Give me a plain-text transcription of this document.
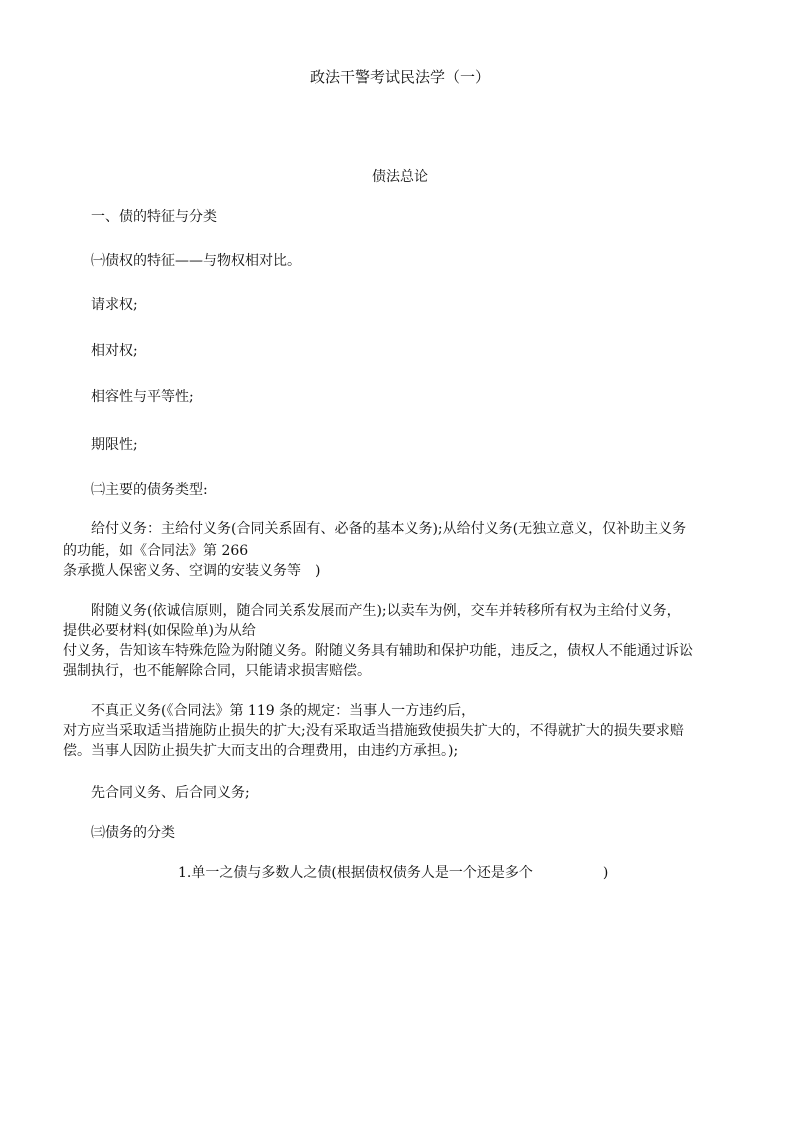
政法干警考试民法学（一）
债法总论
一、债的特征与分类
㈠债权的特征——与物权相对比。
请求权;
相对权;
相容性与平等性;
期限性;
㈡主要的债务类型:
给付义务：主给付义务(合同关系固有、必备的基本义务);从给付义务(无独立意义，仅补助主义务
的功能，如《合同法》第 266
条承揽人保密义务、空调的安装义务等　)
附随义务(依诚信原则，随合同关系发展而产生);以卖车为例，交车并转移所有权为主给付义务，
提供必要材料(如保险单)为从给
付义务，告知该车特殊危险为附随义务。附随义务具有辅助和保护功能，违反之，债权人不能通过诉讼
强制执行，也不能解除合同，只能请求损害赔偿。
不真正义务(《合同法》第 119 条的规定：当事人一方违约后，
对方应当采取适当措施防止损失的扩大;没有采取适当措施致使损失扩大的，不得就扩大的损失要求赔
偿。当事人因防止损失扩大而支出的合理费用，由违约方承担。);
先合同义务、后合同义务;
㈢债务的分类
1.单一之债与多数人之债(根据债权债务人是一个还是多个　　　　　)
